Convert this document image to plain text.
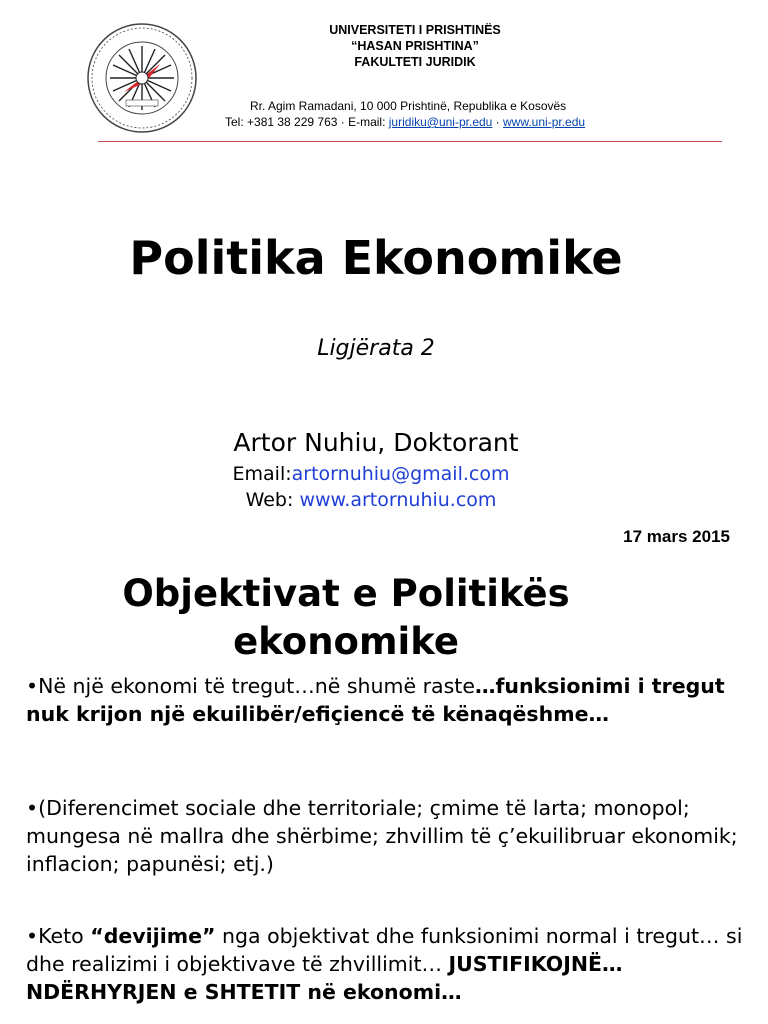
UNIVERSITETI I PRISHTINËS
“HASAN PRISHTINA”
FAKULTETI JURIDIK
Rr. Agim Ramadani, 10 000 Prishtinë, Republika e Kosovës
Tel: +381 38 229 763 · E-mail: juridiku@uni-pr.edu · www.uni-pr.edu
Politika Ekonomike
Ligjërata 2
Artor Nuhiu, Doktorant
Email:artornuhiu@gmail.com
Web: www.artornuhiu.com
17 mars 2015
Objektivat e Politikës
ekonomike
•Në një ekonomi të tregut…në shumë raste…funksionimi i tregut nuk krijon një ekuilibër/efiçiencë të kënaqëshme…
•(Diferencimet sociale dhe territoriale; çmime të larta; monopol; mungesa në mallra dhe shërbime; zhvillim të ç’ekuilibruar ekonomik; inflacion; papunësi; etj.)
•Keto “devijime” nga objektivat dhe funksionimi normal i tregut… si dhe realizimi i objektivave të zhvillimit… JUSTIFIKOJNË… NDËRHYRJEN e SHTETIT në ekonomi…
